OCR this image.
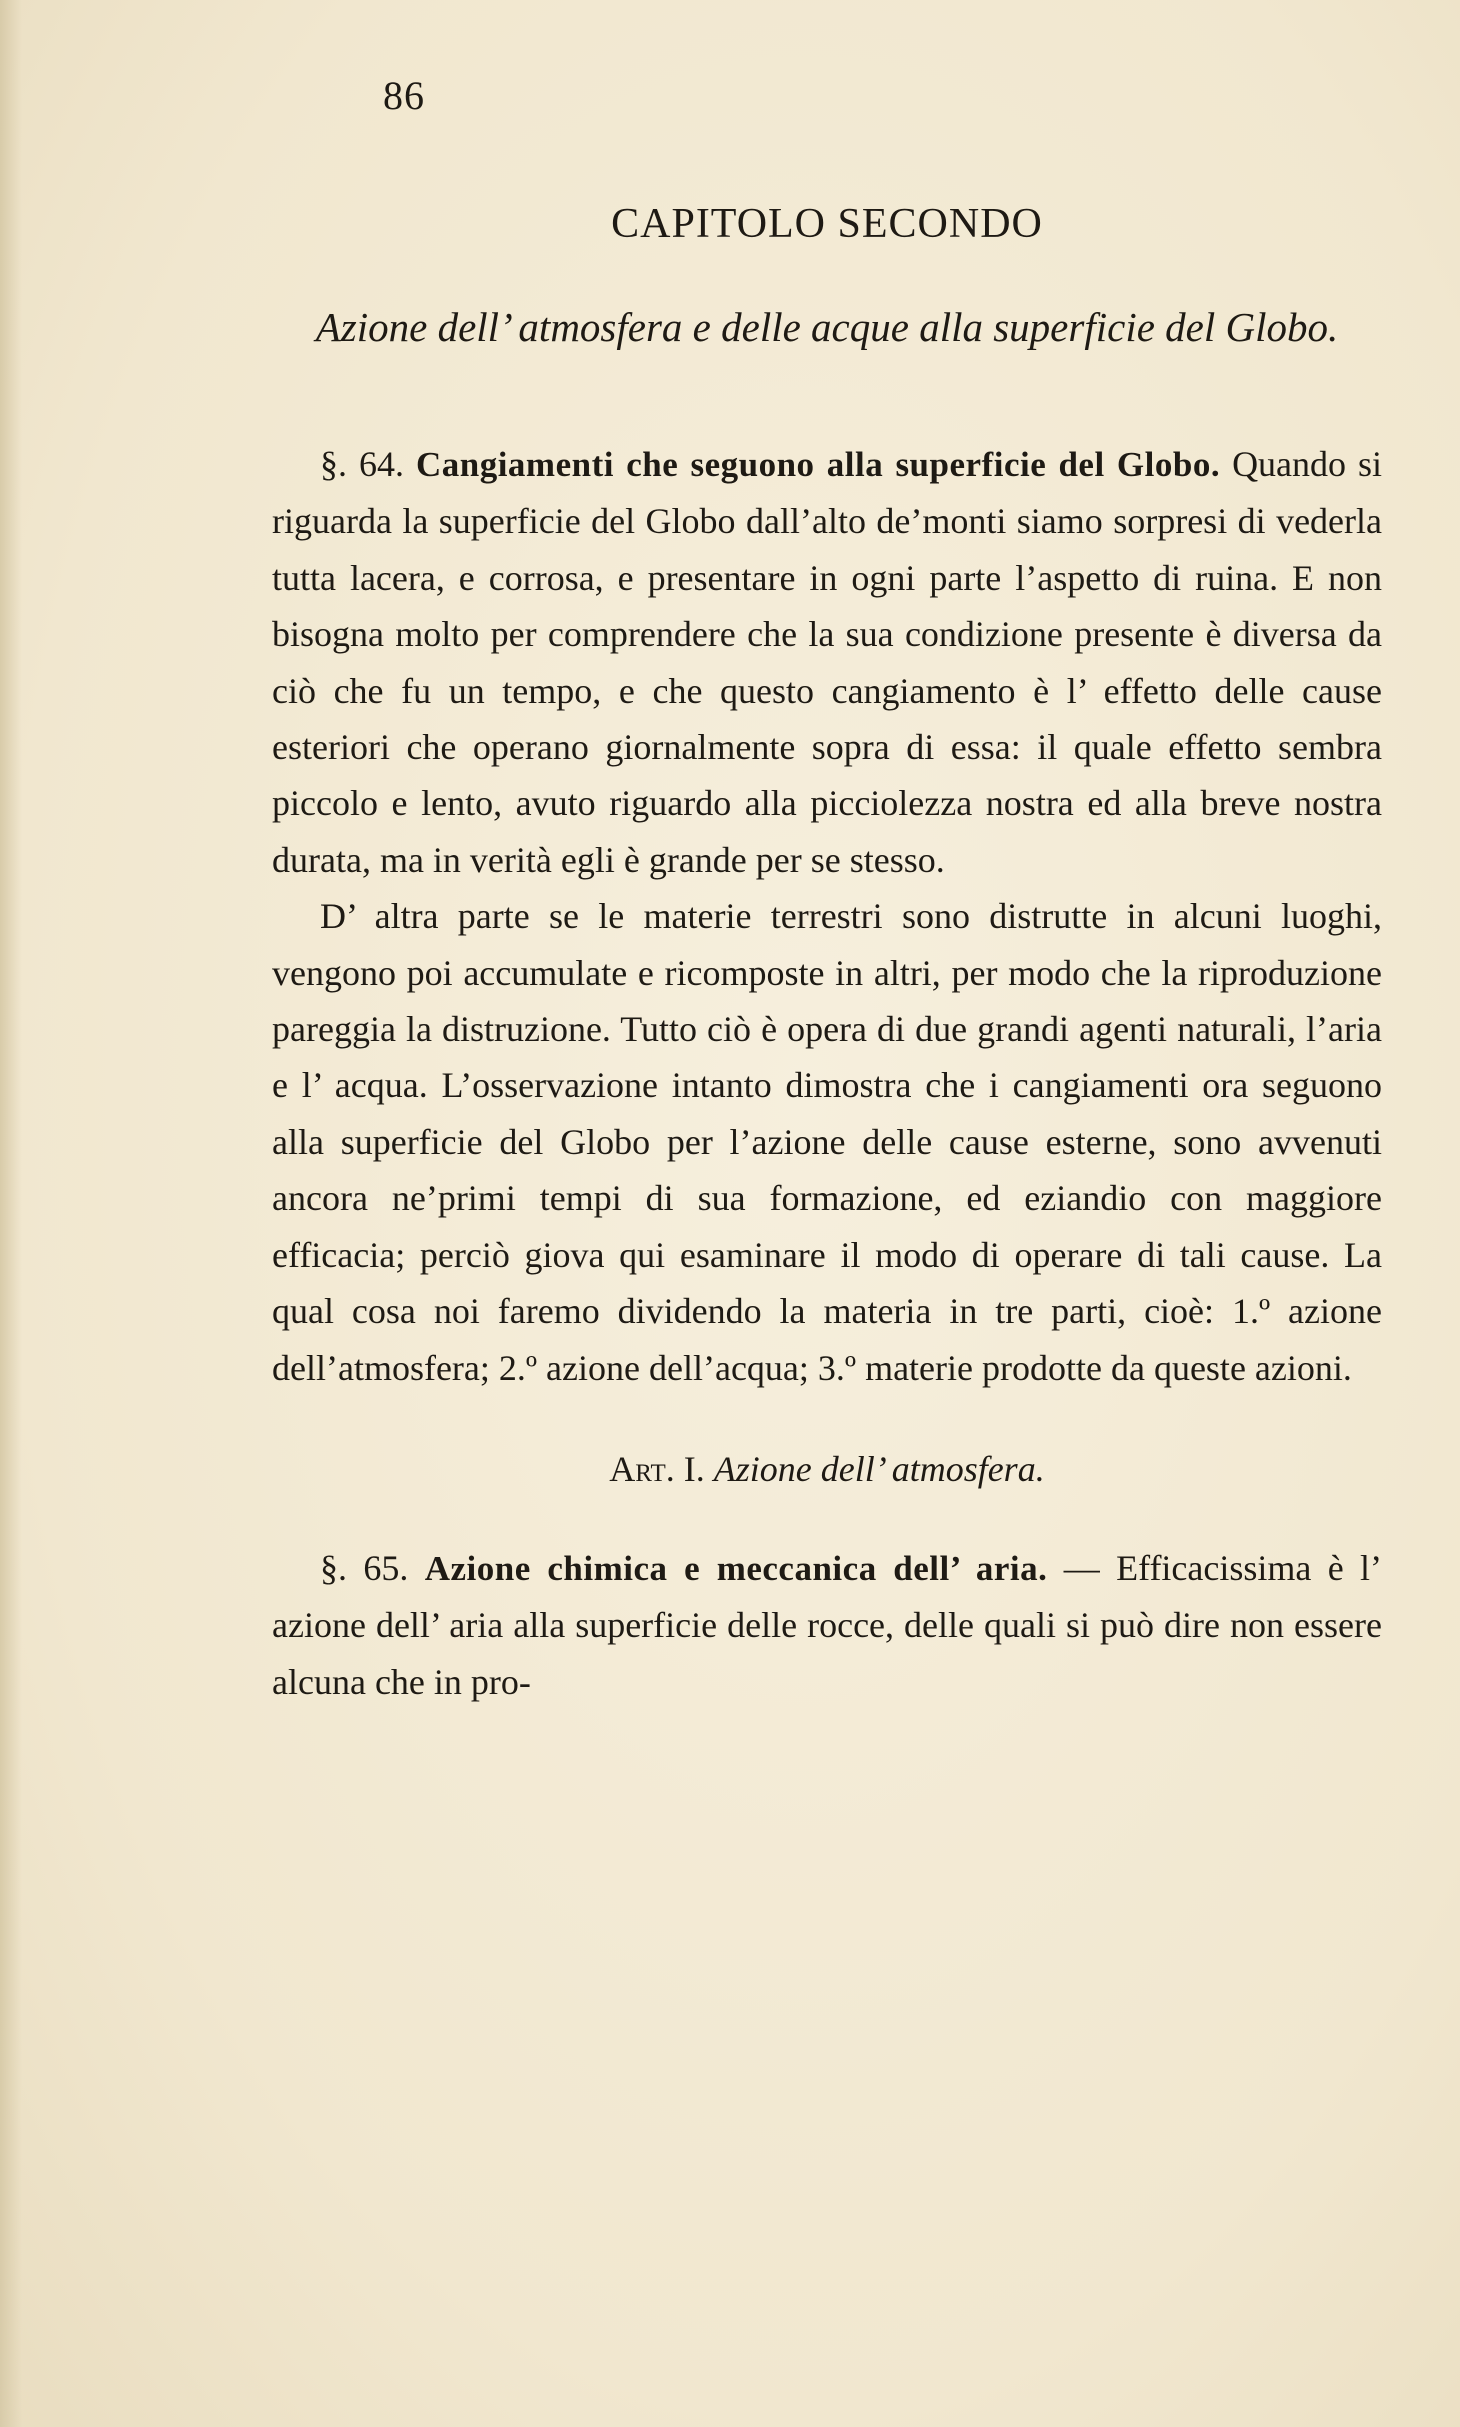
86
CAPITOLO SECONDO
Azione dell’ atmosfera e delle acque alla superficie del Globo.

§. 64. Cangiamenti che seguono alla superficie del Globo. Quando si riguarda la superficie del Globo dall’alto de’monti siamo sorpresi di vederla tutta lacera, e corrosa, e presentare in ogni parte l’aspetto di ruina. E non bisogna molto per comprendere che la sua condizione presente è diversa da ciò che fu un tempo, e che questo cangiamento è l’ effetto delle cause esteriori che operano giornalmente sopra di essa: il quale effetto sembra piccolo e lento, avuto riguardo alla picciolezza nostra ed alla breve nostra durata, ma in verità egli è grande per se stesso.

D’ altra parte se le materie terrestri sono distrutte in alcuni luoghi, vengono poi accumulate e ricomposte in altri, per modo che la riproduzione pareggia la distruzione. Tutto ciò è opera di due grandi agenti naturali, l’aria e l’ acqua. L’osservazione intanto dimostra che i cangiamenti ora seguono alla superficie del Globo per l’azione delle cause esterne, sono avvenuti ancora ne’primi tempi di sua formazione, ed eziandio con maggiore efficacia; perciò giova qui esaminare il modo di operare di tali cause. La qual cosa noi faremo dividendo la materia in tre parti, cioè: 1.º azione dell’atmosfera; 2.º azione dell’acqua; 3.º materie prodotte da queste azioni.

Art. I. Azione dell’ atmosfera.

§. 65. Azione chimica e meccanica dell’ aria. — Efficacissima è l’ azione dell’ aria alla superficie delle rocce, delle quali si può dire non essere alcuna che in pro-
